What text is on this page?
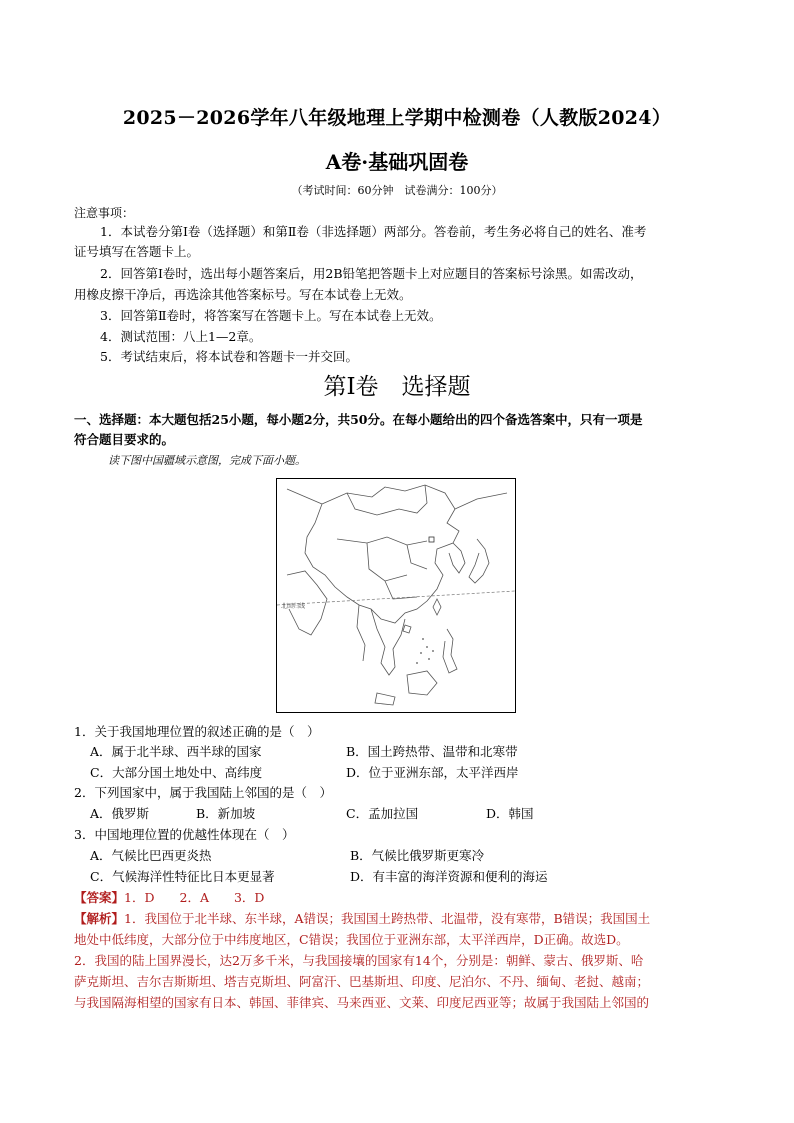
2025－2026学年八年级地理上学期中检测卷（人教版2024）
A卷·基础巩固卷
（考试时间：60分钟　试卷满分：100分）
注意事项：
1．本试卷分第Ⅰ卷（选择题）和第Ⅱ卷（非选择题）两部分。答卷前，考生务必将自己的姓名、准考
证号填写在答题卡上。
2．回答第Ⅰ卷时，选出每小题答案后，用2B铅笔把答题卡上对应题目的答案标号涂黑。如需改动，
用橡皮擦干净后，再选涂其他答案标号。写在本试卷上无效。
3．回答第Ⅱ卷时，将答案写在答题卡上。写在本试卷上无效。
4．测试范围：八上1—2章。
5．考试结束后，将本试卷和答题卡一并交回。
第Ⅰ卷　选择题
一、选择题：本大题包括25小题，每小题2分，共50分。在每小题给出的四个备选答案中，只有一项是
符合题目要求的。
读下图中国疆域示意图，完成下面小题。
北回归线
1．关于我国地理位置的叙述正确的是（　）
A．属于北半球、西半球的国家	B．国土跨热带、温带和北寒带
C．大部分国土地处中、高纬度	D．位于亚洲东部，太平洋西岸
2．下列国家中，属于我国陆上邻国的是（　）
A．俄罗斯	B．新加坡	C．孟加拉国	D．韩国
3．中国地理位置的优越性体现在（　）
A．气候比巴西更炎热	B．气候比俄罗斯更寒冷
C．气候海洋性特征比日本更显著	D．有丰富的海洋资源和便利的海运
【答案】1．D　　2．A　　3．D
【解析】1．我国位于北半球、东半球，A错误；我国国土跨热带、北温带，没有寒带，B错误；我国国土
地处中低纬度，大部分位于中纬度地区，C错误；我国位于亚洲东部，太平洋西岸，D正确。故选D。
2．我国的陆上国界漫长，达2万多千米，与我国接壤的国家有14个，分别是：朝鲜、蒙古、俄罗斯、哈
萨克斯坦、吉尔吉斯斯坦、塔吉克斯坦、阿富汗、巴基斯坦、印度、尼泊尔、不丹、缅甸、老挝、越南；
与我国隔海相望的国家有日本、韩国、菲律宾、马来西亚、文莱、印度尼西亚等；故属于我国陆上邻国的
